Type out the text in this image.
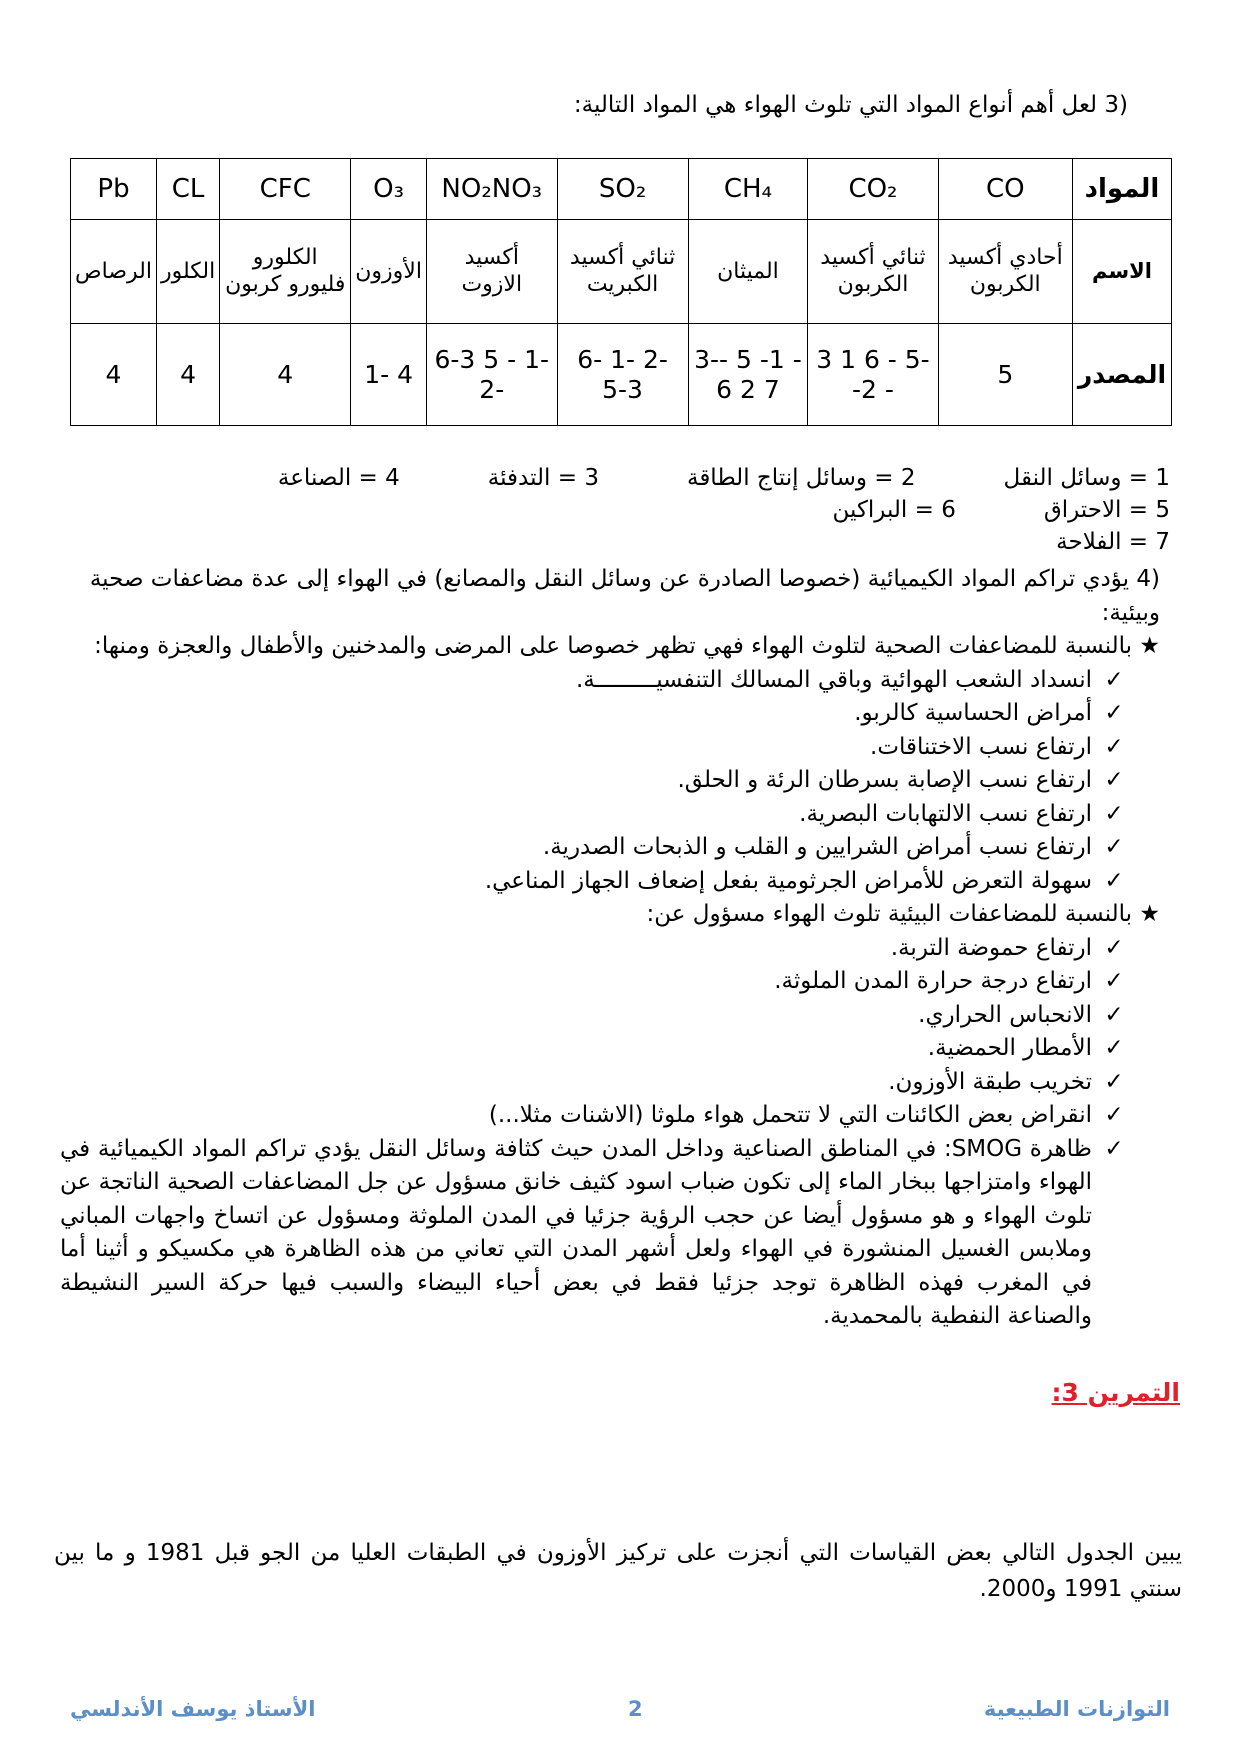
(3 لعل أهم أنواع المواد التي تلوث الهواء هي المواد التالية:
المواد	CO	CO₂	CH₄	SO₂	NO₂NO₃	O₃	CFC	CL	Pb
الاسم	أحادي أكسيد الكربون	ثنائي أكسيد الكربون	الميثان	ثنائي أكسيد الكبريت	أكسيد الازوت	الأوزون	الكلورو فليورو كربون	الكلور	الرصاص
المصدر	5	-5 - 6 1 3 - 2-	- 1- 5 -3-7 2 6	-2 -1 -6 5-3	-1 - 5 6-3 -2	4 -1	4	4	4
1 = وسائل النقل2 = وسائل إنتاج الطاقة3 = التدفئة4 = الصناعة5 = الاحتراق6 = البراكين
7 = الفلاحة

(4 يؤدي تراكم المواد الكيميائية (خصوصا الصادرة عن وسائل النقل والمصانع) في الهواء إلى عدة مضاعفات صحية وبيئية:

★ بالنسبة للمضاعفات الصحية لتلوث الهواء فهي تظهر خصوصا على المرضى والمدخنين والأطفال والعجزة ومنها:

✓
انسداد الشعب الهوائية وباقي المسالك التنفسيـــــــــة.
✓
أمراض الحساسية كالربو.
✓
ارتفاع نسب الاختناقات.
✓
ارتفاع نسب الإصابة بسرطان الرئة و الحلق.
✓
ارتفاع نسب الالتهابات البصرية.
✓
ارتفاع نسب أمراض الشرايين و القلب و الذبحات الصدرية.
✓
سهولة التعرض للأمراض الجرثومية بفعل إضعاف الجهاز المناعي.

★ بالنسبة للمضاعفات البيئية تلوث الهواء مسؤول عن:

✓
ارتفاع حموضة التربة.
✓
ارتفاع درجة حرارة المدن الملوثة.
✓
الانحباس الحراري.
✓
الأمطار الحمضية.
✓
تخريب طبقة الأوزون.
✓
انقراض بعض الكائنات التي لا تتحمل هواء ملوثا (الاشنات مثلا...)
✓
ظاهرة SMOG: في المناطق الصناعية وداخل المدن حيث كثافة وسائل النقل يؤدي تراكم المواد الكيميائية في الهواء وامتزاجها ببخار الماء إلى تكون ضباب اسود كثيف خانق مسؤول عن جل المضاعفات الصحية الناتجة عن تلوث الهواء و هو مسؤول أيضا عن حجب الرؤية جزئيا في المدن الملوثة ومسؤول عن اتساخ واجهات المباني وملابس الغسيل المنشورة في الهواء ولعل أشهر المدن التي تعاني من هذه الظاهرة هي مكسيكو و أثينا أما في المغرب فهذه الظاهرة توجد جزئيا فقط في بعض أحياء البيضاء والسبب فيها حركة السير النشيطة والصناعة النفطية بالمحمدية.
التمرين 3:
يبين الجدول التالي بعض القياسات التي أنجزت على تركيز الأوزون في الطبقات العليا من الجو قبل 1981 و ما بين سنتي 1991 و2000.
الأستاذ يوسف الأندلسي	2	التوازنات الطبيعية
